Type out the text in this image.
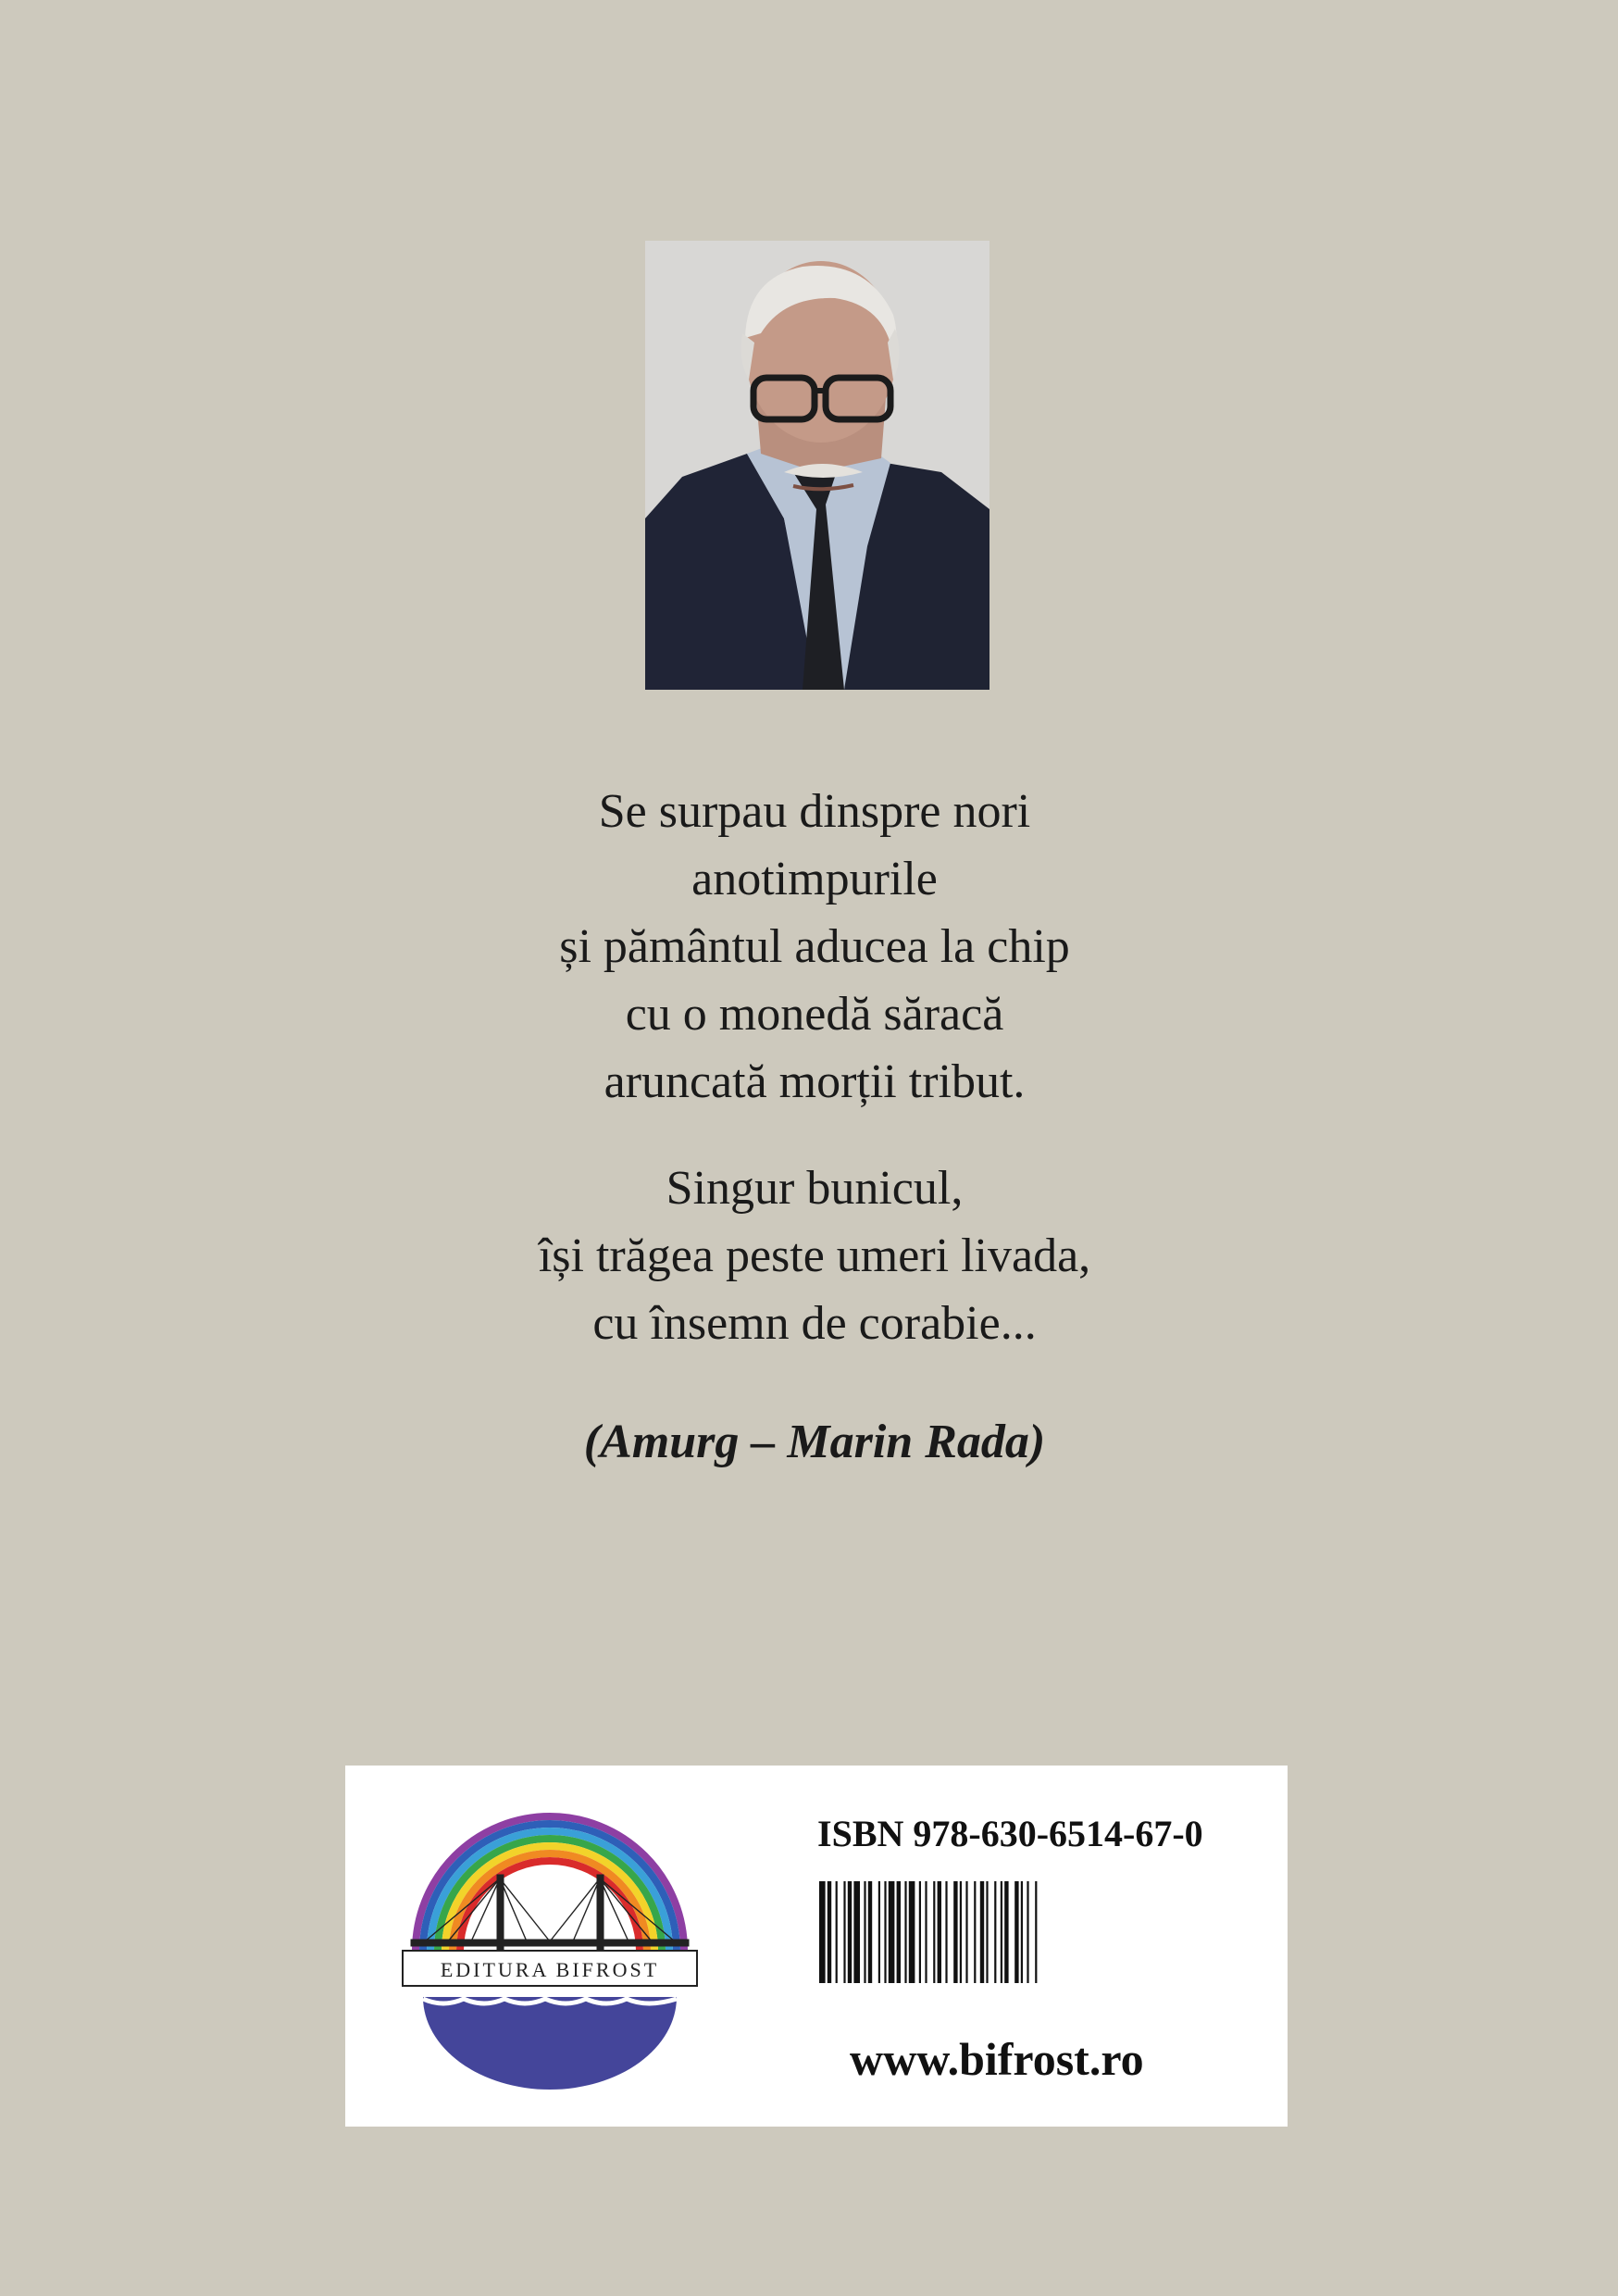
Se surpau dinspre nori
anotimpurile
și pământul aducea la chip
cu o monedă săracă
aruncată morții tribut.
Singur bunicul,
își trăgea peste umeri livada,
cu însemn de corabie...
(Amurg – Marin Rada)
EDITURA BIFROST
ISBN 978-630-6514-67-0
www.bifrost.ro
